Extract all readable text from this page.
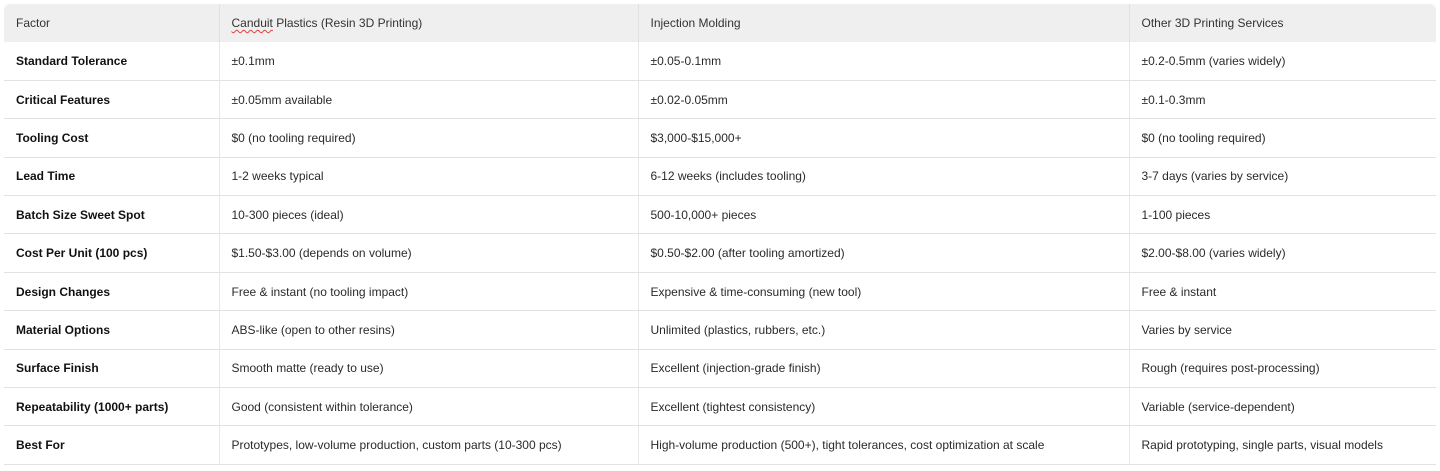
Factor	Canduit Plastics (Resin 3D Printing)	Injection Molding	Other 3D Printing Services
Standard Tolerance	±0.1mm	±0.05-0.1mm	±0.2-0.5mm (varies widely)
Critical Features	±0.05mm available	±0.02-0.05mm	±0.1-0.3mm
Tooling Cost	$0 (no tooling required)	$3,000-$15,000+	$0 (no tooling required)
Lead Time	1-2 weeks typical	6-12 weeks (includes tooling)	3-7 days (varies by service)
Batch Size Sweet Spot	10-300 pieces (ideal)	500-10,000+ pieces	1-100 pieces
Cost Per Unit (100 pcs)	$1.50-$3.00 (depends on volume)	$0.50-$2.00 (after tooling amortized)	$2.00-$8.00 (varies widely)
Design Changes	Free & instant (no tooling impact)	Expensive & time-consuming (new tool)	Free & instant
Material Options	ABS-like (open to other resins)	Unlimited (plastics, rubbers, etc.)	Varies by service
Surface Finish	Smooth matte (ready to use)	Excellent (injection-grade finish)	Rough (requires post-processing)
Repeatability (1000+ parts)	Good (consistent within tolerance)	Excellent (tightest consistency)	Variable (service-dependent)
Best For	Prototypes, low-volume production, custom parts (10-300 pcs)	High-volume production (500+), tight tolerances, cost optimization at scale	Rapid prototyping, single parts, visual models
